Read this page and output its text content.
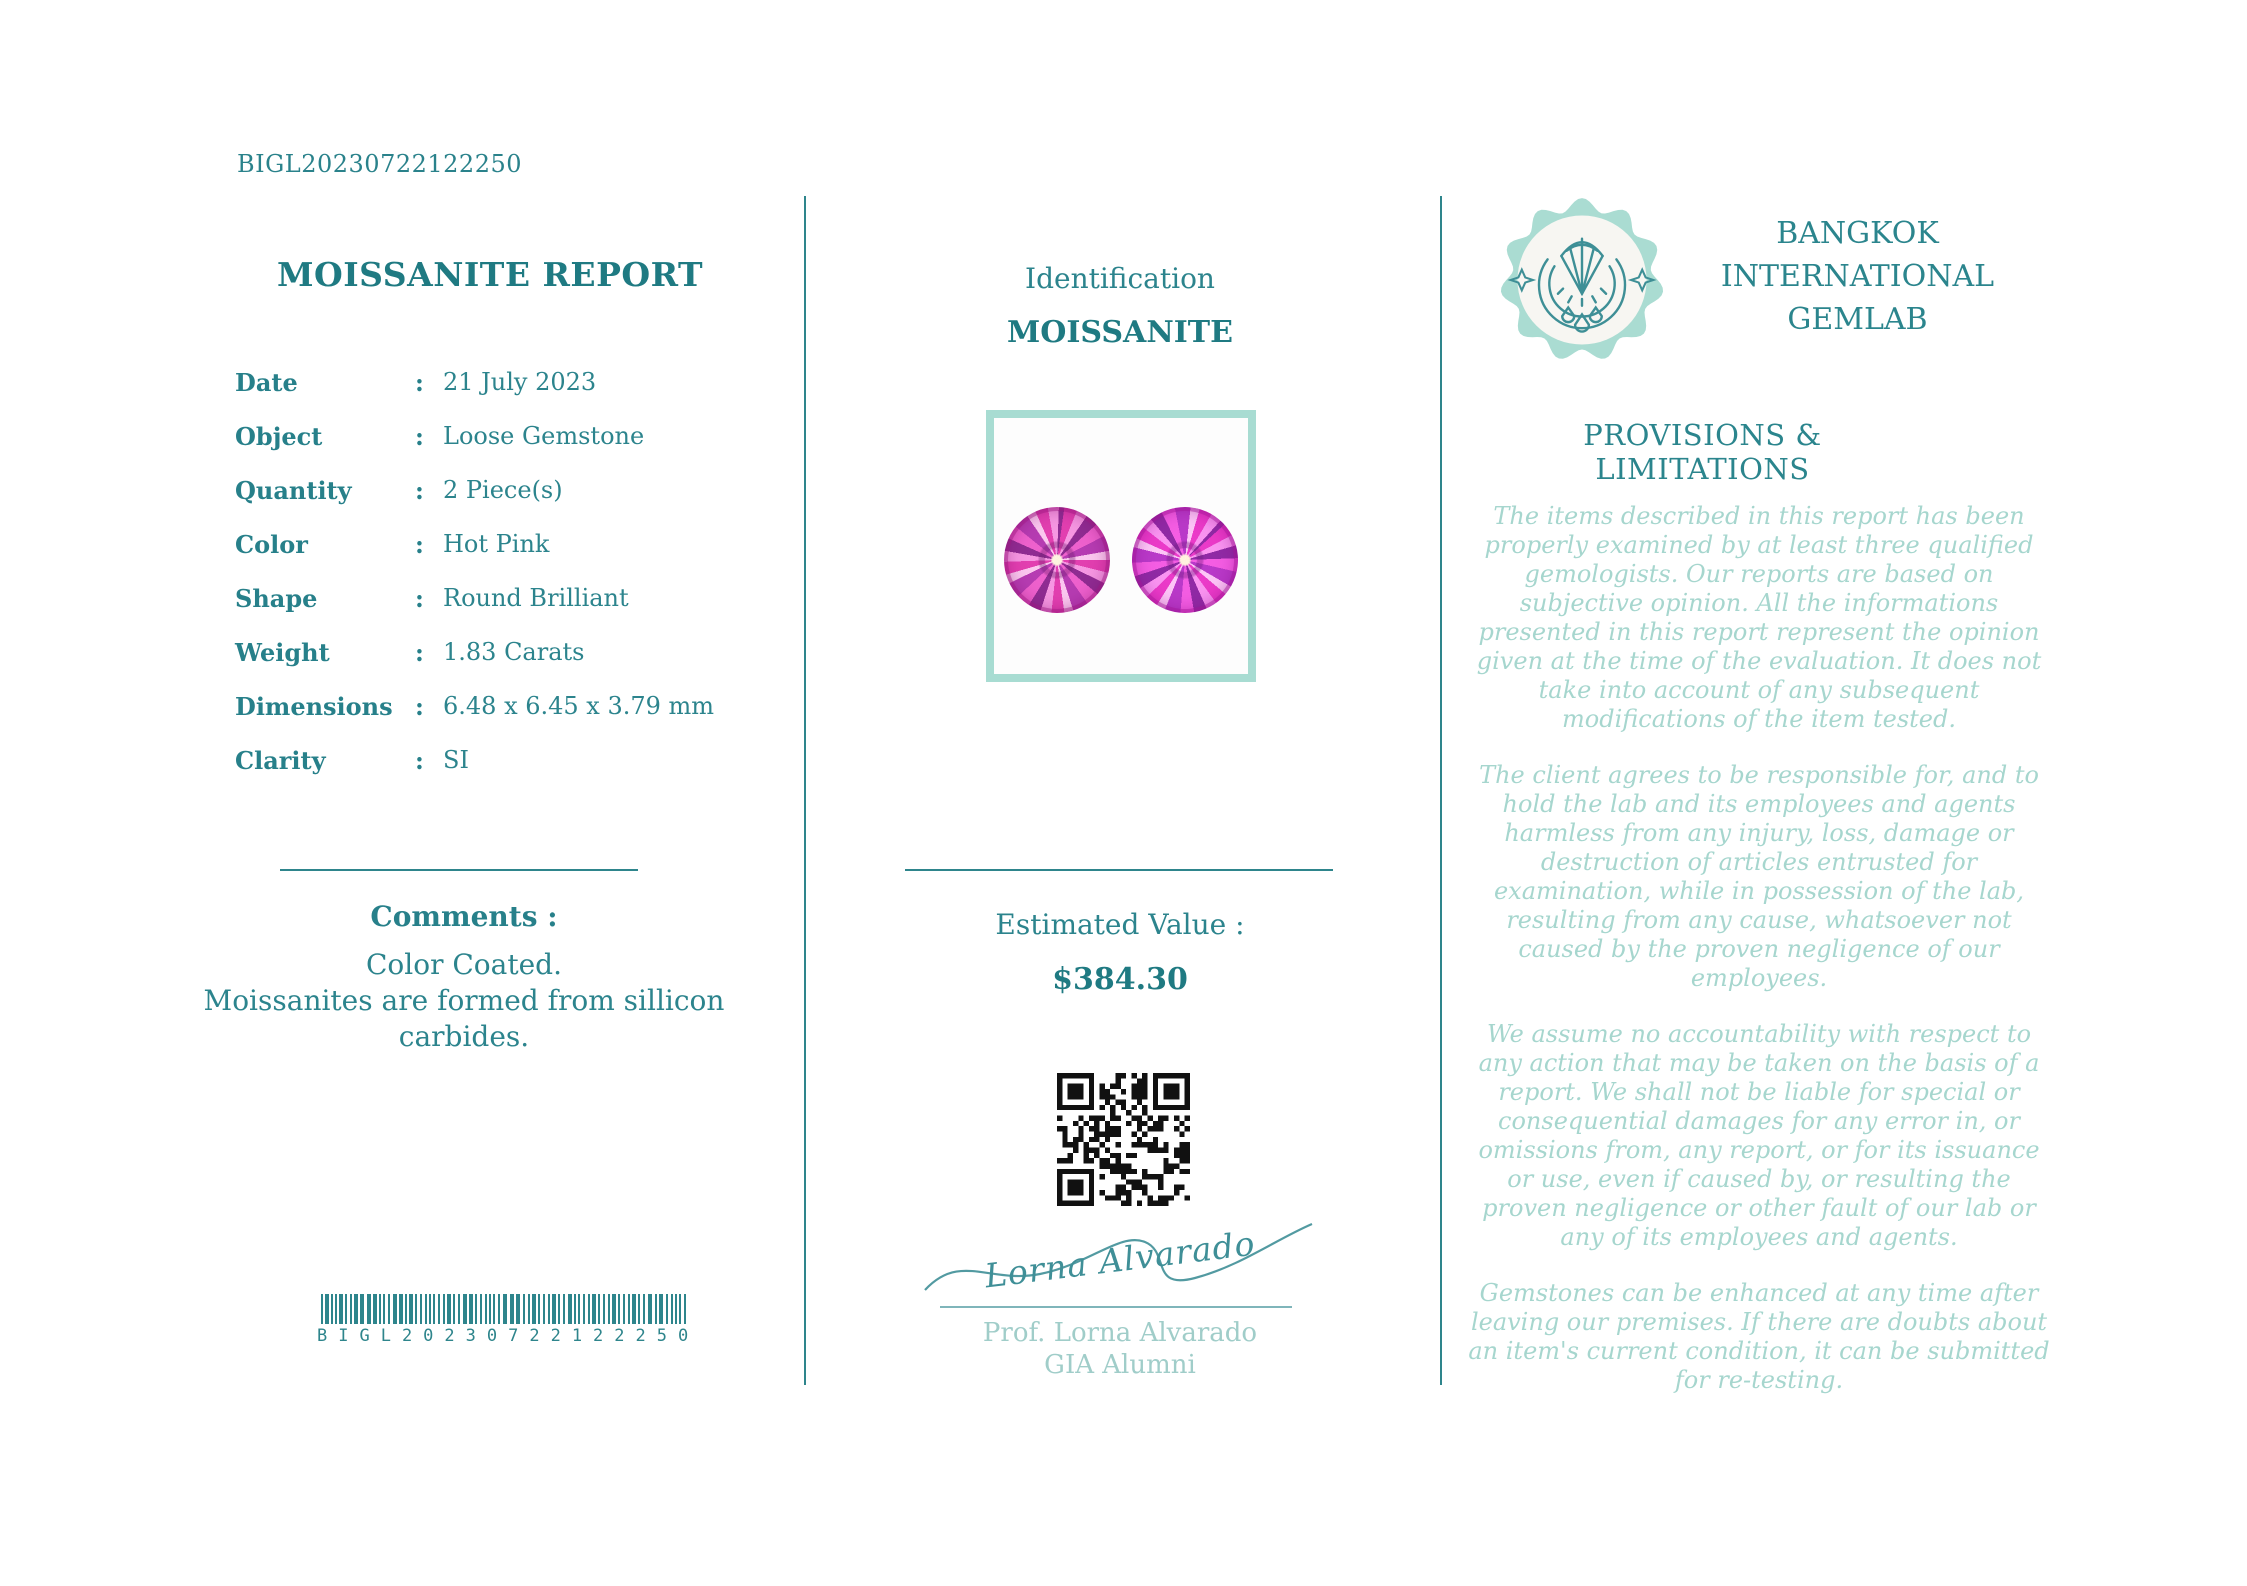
BIGL20230722122250
MOISSANITE REPORT
Date	: 21 July 2023
Object	: Loose Gemstone
Quantity	: 2 Piece(s)
Color	: Hot Pink
Shape	: Round Brilliant
Weight	: 1.83 Carats
Dimensions : 6.48 x 6.45 x 3.79 mm
Clarity	: SI
Comments :
Color Coated.
Moissanites are formed from sillicon carbides.
BIGL20230722122250
Identification
MOISSANITE
Estimated Value :
$384.30
Lorna Alvarado
Prof. Lorna Alvarado
GIA Alumni
BANGKOK
INTERNATIONAL
GEMLAB
PROVISIONS & LIMITATIONS

The items described in this report has been properly examined by at least three qualified gemologists. Our reports are based on subjective opinion. All the informations presented in this report represent the opinion given at the time of the evaluation. It does not take into account of any subsequent modifications of the item tested.

The client agrees to be responsible for, and to hold the lab and its employees and agents harmless from any injury, loss, damage or destruction of articles entrusted for examination, while in possession of the lab, resulting from any cause, whatsoever not caused by the proven negligence of our employees.

We assume no accountability with respect to any action that may be taken on the basis of a report. We shall not be liable for special or consequential damages for any error in, or omissions from, any report, or for its issuance or use, even if caused by, or resulting the proven negligence or other fault of our lab or any of its employees and agents.

Gemstones can be enhanced at any time after leaving our premises. If there are doubts about an item's current condition, it can be submitted for re-testing.
